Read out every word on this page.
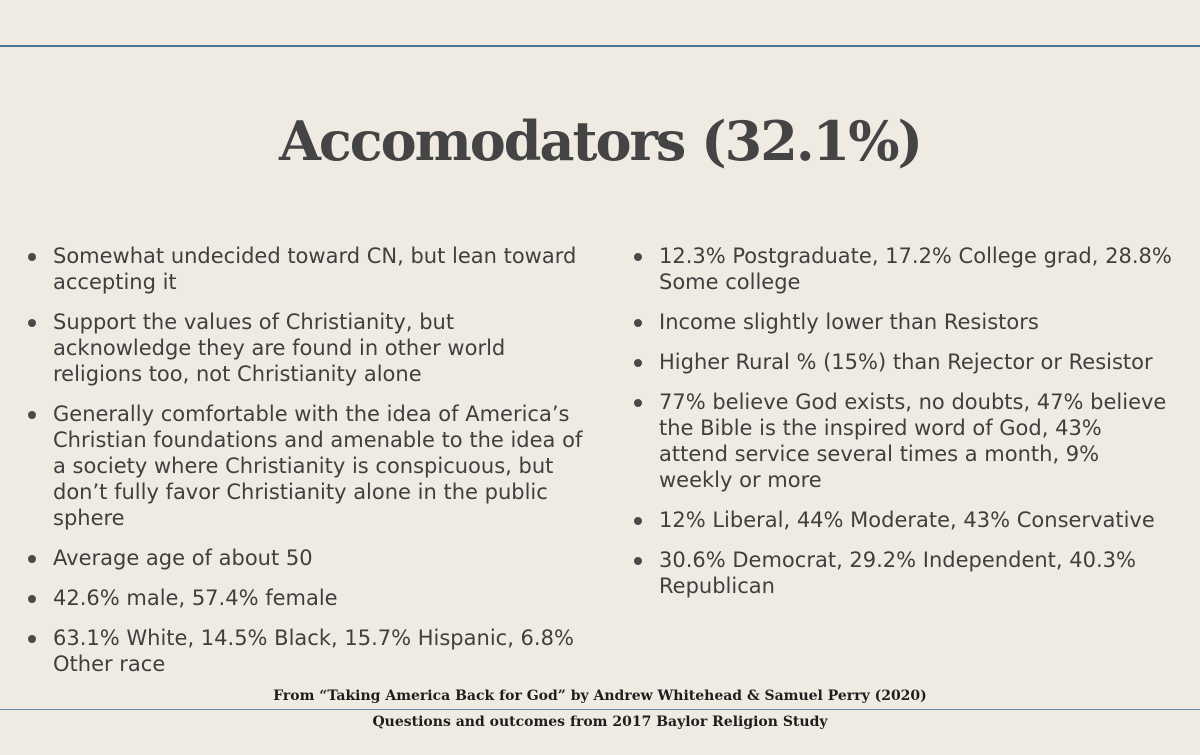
Accomodators (32.1%)
Somewhat undecided toward CN, but lean toward accepting it
Support the values of Christianity, but acknowledge they are found in other world religions too, not Christianity alone
Generally comfortable with the idea of America’s Christian foundations and amenable to the idea of a society where Christianity is conspicuous, but don’t fully favor Christianity alone in the public sphere
Average age of about 50
42.6% male, 57.4% female
63.1% White, 14.5% Black, 15.7% Hispanic, 6.8% Other race
12.3% Postgraduate, 17.2% College grad, 28.8% Some college
Income slightly lower than Resistors
Higher Rural % (15%) than Rejector or Resistor
77% believe God exists, no doubts, 47% believe the Bible is the inspired word of God, 43% attend service several times a month, 9% weekly or more
12% Liberal, 44% Moderate, 43% Conservative
30.6% Democrat, 29.2% Independent, 40.3% Republican
From “Taking America Back for God” by Andrew Whitehead & Samuel Perry (2020)
Questions and outcomes from 2017 Baylor Religion Study
